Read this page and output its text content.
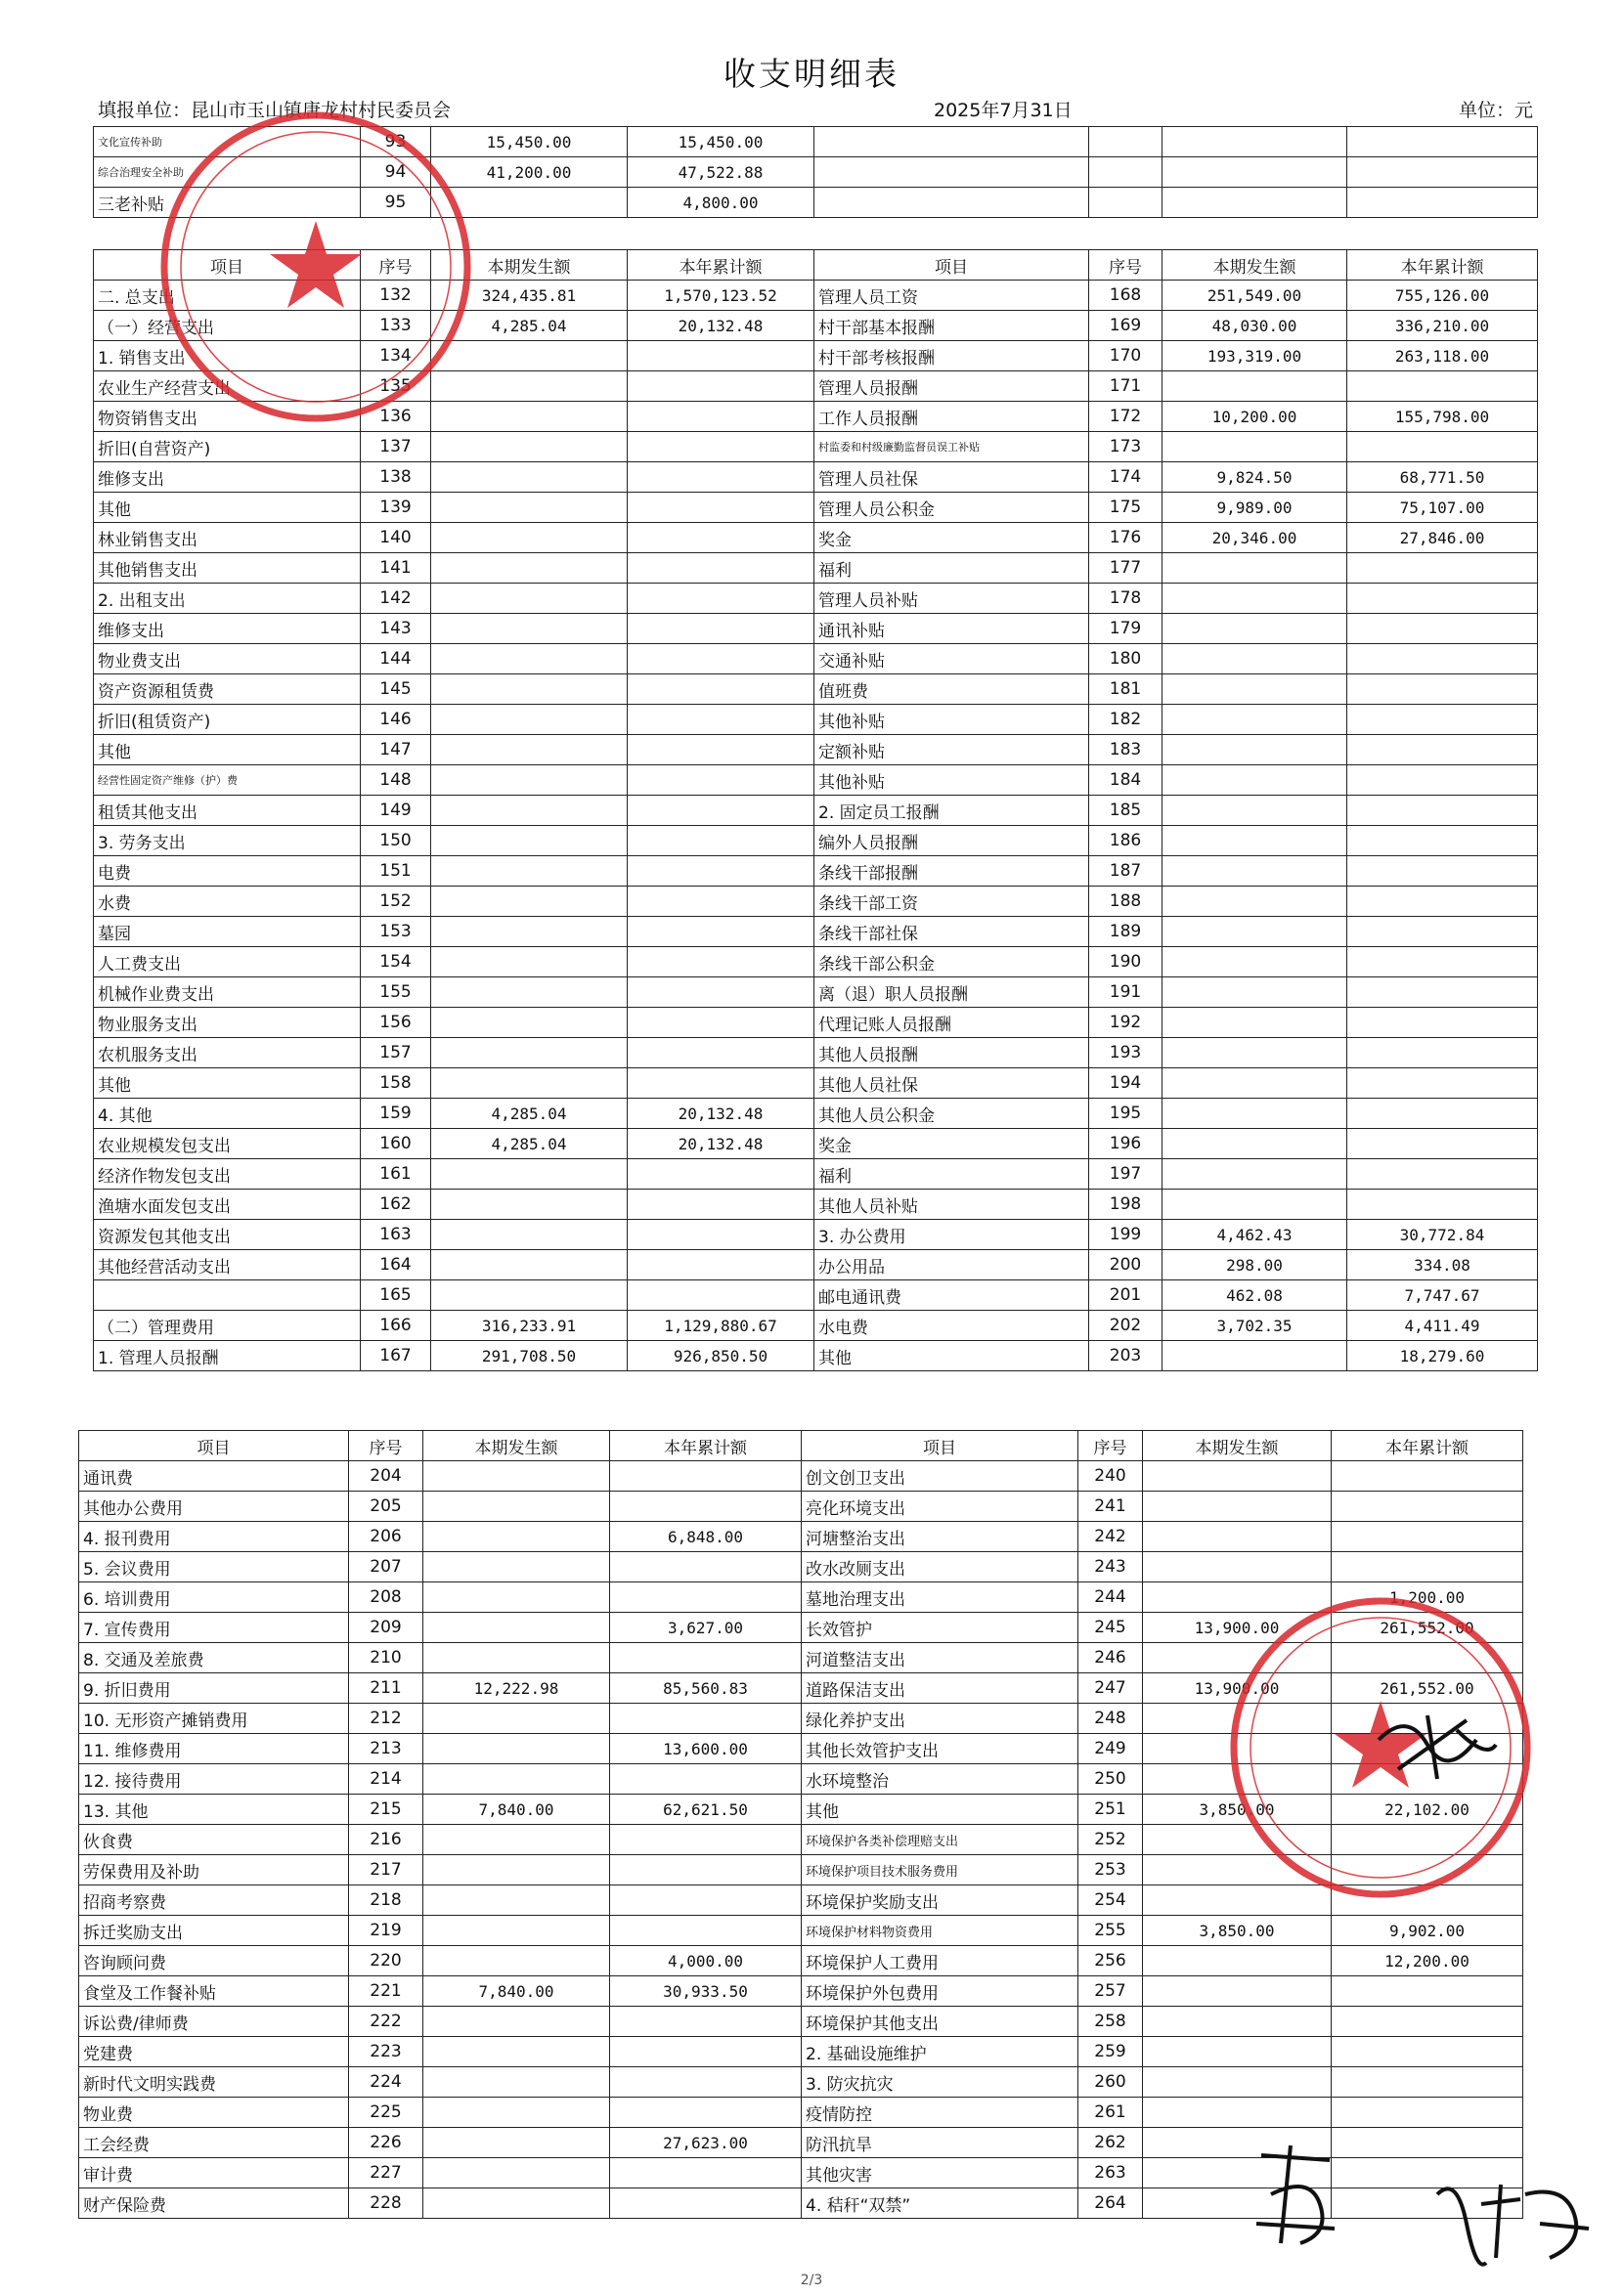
收支明细表
填报单位：昆山市玉山镇唐龙村村民委员会	2025年7月31日	单位：元
文化宣传补助	93	15,450.00	15,450.00				
综合治理安全补助	94	41,200.00	47,522.88				
三老补贴	95		4,800.00				
项目	序号	本期发生额	本年累计额	项目	序号	本期发生额	本年累计额
二. 总支出	132	324,435.81	1,570,123.52	管理人员工资	168	251,549.00	755,126.00
（一）经营支出	133	4,285.04	20,132.48	村干部基本报酬	169	48,030.00	336,210.00
1. 销售支出	134			村干部考核报酬	170	193,319.00	263,118.00
农业生产经营支出	135			管理人员报酬	171		
物资销售支出	136			工作人员报酬	172	10,200.00	155,798.00
折旧(自营资产)	137			村监委和村级廉勤监督员误工补贴	173		
维修支出	138			管理人员社保	174	9,824.50	68,771.50
其他	139			管理人员公积金	175	9,989.00	75,107.00
林业销售支出	140			奖金	176	20,346.00	27,846.00
其他销售支出	141			福利	177		
2. 出租支出	142			管理人员补贴	178		
维修支出	143			通讯补贴	179		
物业费支出	144			交通补贴	180		
资产资源租赁费	145			值班费	181		
折旧(租赁资产)	146			其他补贴	182		
其他	147			定额补贴	183		
经营性固定资产维修（护）费	148			其他补贴	184		
租赁其他支出	149			2. 固定员工报酬	185		
3. 劳务支出	150			编外人员报酬	186		
电费	151			条线干部报酬	187		
水费	152			条线干部工资	188		
墓园	153			条线干部社保	189		
人工费支出	154			条线干部公积金	190		
机械作业费支出	155			离（退）职人员报酬	191		
物业服务支出	156			代理记账人员报酬	192		
农机服务支出	157			其他人员报酬	193		
其他	158			其他人员社保	194		
4. 其他	159	4,285.04	20,132.48	其他人员公积金	195		
农业规模发包支出	160	4,285.04	20,132.48	奖金	196		
经济作物发包支出	161			福利	197		
渔塘水面发包支出	162			其他人员补贴	198		
资源发包其他支出	163			3. 办公费用	199	4,462.43	30,772.84
其他经营活动支出	164			办公用品	200	298.00	334.08
	165			邮电通讯费	201	462.08	7,747.67
（二）管理费用	166	316,233.91	1,129,880.67	水电费	202	3,702.35	4,411.49
1. 管理人员报酬	167	291,708.50	926,850.50	其他	203		18,279.60
项目	序号	本期发生额	本年累计额	项目	序号	本期发生额	本年累计额
通讯费	204			创文创卫支出	240		
其他办公费用	205			亮化环境支出	241		
4. 报刊费用	206		6,848.00	河塘整治支出	242		
5. 会议费用	207			改水改厕支出	243		
6. 培训费用	208			墓地治理支出	244		1,200.00
7. 宣传费用	209		3,627.00	长效管护	245	13,900.00	261,552.00
8. 交通及差旅费	210			河道整洁支出	246		
9. 折旧费用	211	12,222.98	85,560.83	道路保洁支出	247	13,900.00	261,552.00
10. 无形资产摊销费用	212			绿化养护支出	248		
11. 维修费用	213		13,600.00	其他长效管护支出	249		
12. 接待费用	214			水环境整治	250		
13. 其他	215	7,840.00	62,621.50	其他	251	3,850.00	22,102.00
伙食费	216			环境保护各类补偿理赔支出	252		
劳保费用及补助	217			环境保护项目技术服务费用	253		
招商考察费	218			环境保护奖励支出	254		
拆迁奖励支出	219			环境保护材料物资费用	255	3,850.00	9,902.00
咨询顾问费	220		4,000.00	环境保护人工费用	256		12,200.00
食堂及工作餐补贴	221	7,840.00	30,933.50	环境保护外包费用	257		
诉讼费/律师费	222			环境保护其他支出	258		
党建费	223			2. 基础设施维护	259		
新时代文明实践费	224			3. 防灾抗灾	260		
物业费	225			疫情防控	261		
工会经费	226		27,623.00	防汛抗旱	262		
审计费	227			其他灾害	263		
财产保险费	228			4. 秸秆“双禁”	264		
2/3
